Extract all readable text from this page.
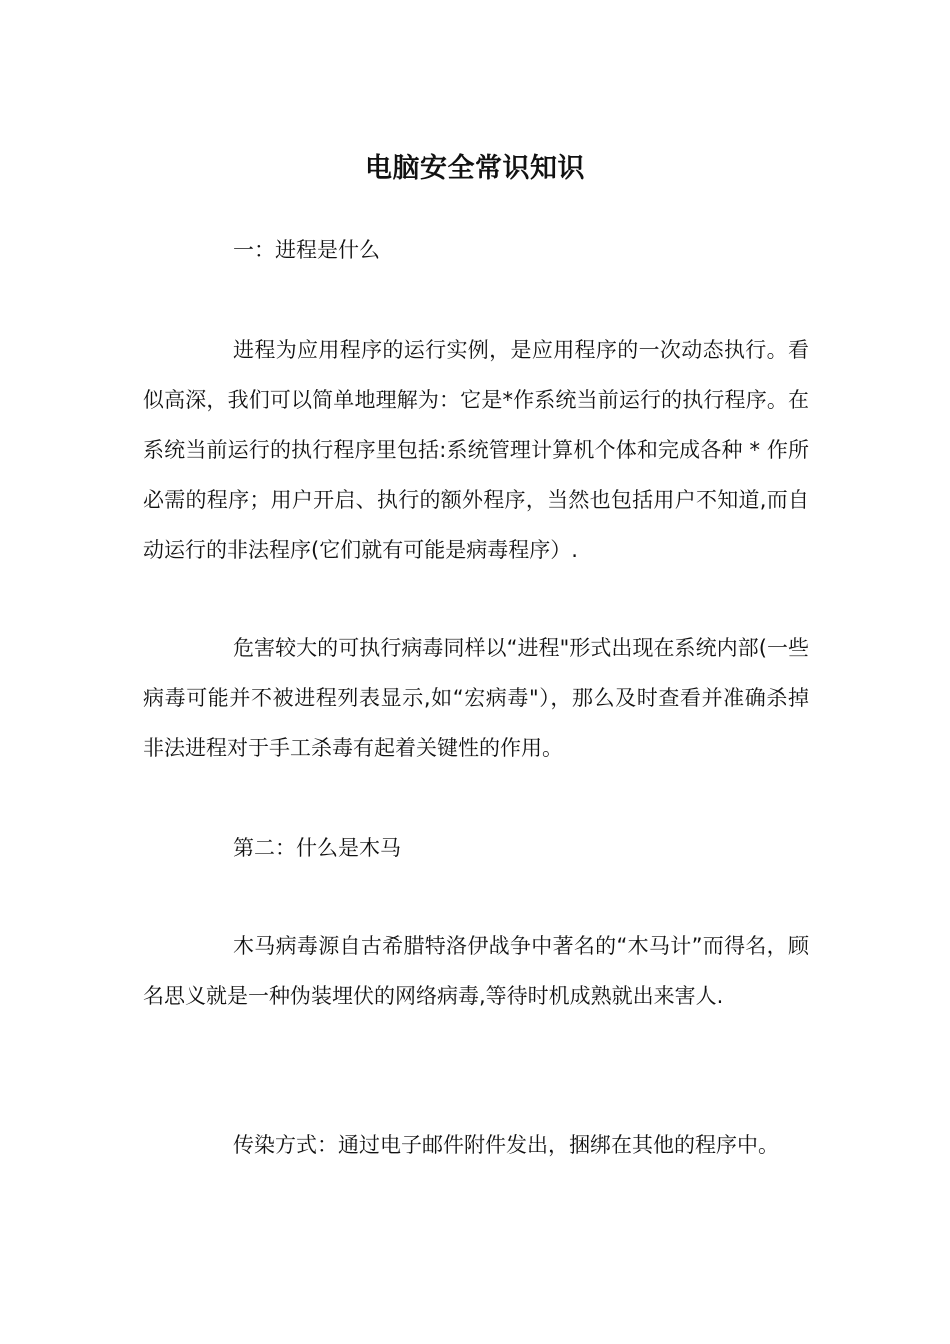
电脑安全常识知识

一：进程是什么

进程为应用程序的运行实例，是应用程序的一次动态执行。看似高深，我们可以简单地理解为：它是*作系统当前运行的执行程序。在系统当前运行的执行程序里包括:系统管理计算机个体和完成各种 * 作所必需的程序；用户开启、执行的额外程序，当然也包括用户不知道,而自动运行的非法程序(它们就有可能是病毒程序）.

危害较大的可执行病毒同样以“进程"形式出现在系统内部(一些病毒可能并不被进程列表显示,如“宏病毒"），那么及时查看并准确杀掉非法进程对于手工杀毒有起着关键性的作用。

第二：什么是木马

木马病毒源自古希腊特洛伊战争中著名的“木马计”而得名，顾名思义就是一种伪装埋伏的网络病毒,等待时机成熟就出来害人.

传染方式：通过电子邮件附件发出，捆绑在其他的程序中。
